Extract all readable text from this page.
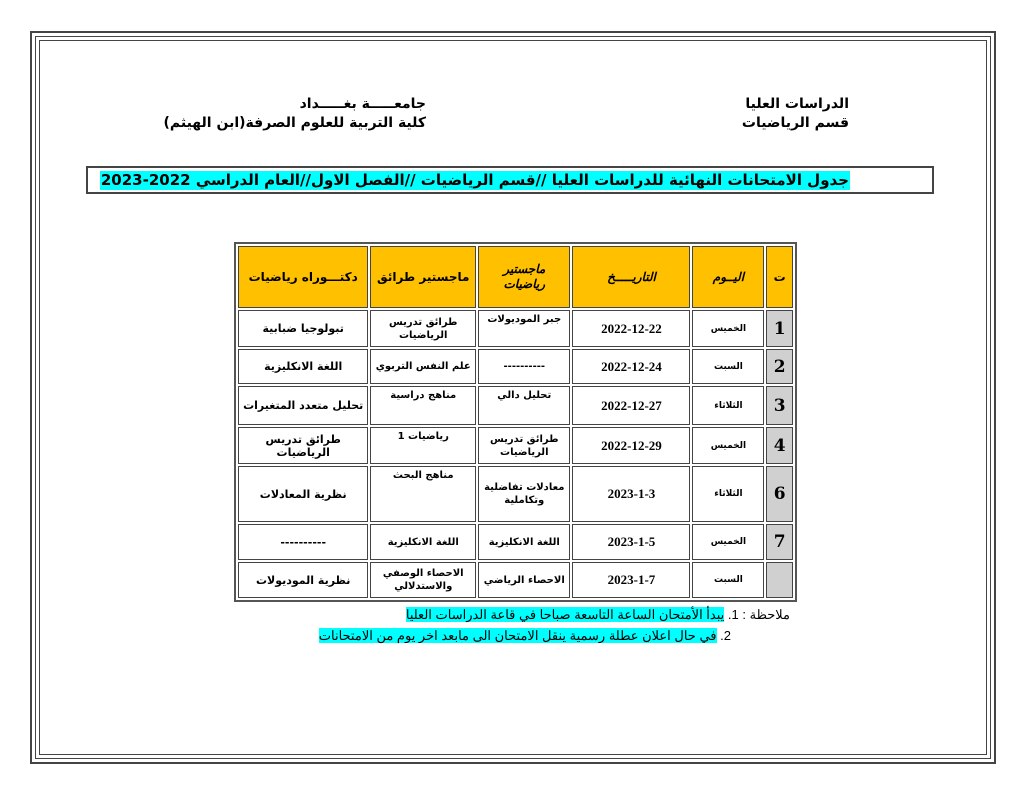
الدراسات العليا
قسم الرياضيات
جامعـــــة بغـــــداد
كلية التربية للعلوم الصرفة(ابن الهيثم)
جدول الامتحانات النهائية للدراسات العليا //قسم الرياضيات //الفصل الاول//العام الدراسي 2022-2023
ت	اليــوم	التاريـــــخ	ماجستير رياضيات	ماجستير طرائق	دكتـــوراه رياضيات
1	الخميس	2022-12-22	جبر الموديولات	طرائق تدريس الرياضيات	تبولوجيا ضبابية
2	السبت	2022-12-24	----------	علم النفس التربوي	اللغة الانكليزية
3	الثلاثاء	2022-12-27	تحليل دالي	مناهج دراسية	تحليل متعدد المتغيرات
4	الخميس	2022-12-29	طرائق تدريس الرياضيات	رياضيات 1	طرائق تدريس الرياضيات
6	الثلاثاء	2023-1-3	معادلات تفاضلية وتكاملية	مناهج البحث	نظرية المعادلات
7	الخميس	2023-1-5	اللغة الانكليزية	اللغة الانكليزية	----------
	السبت	2023-1-7	الاحصاء الرياضي	الاحصاء الوصفي والاستدلالي	نظرية الموديولات
ملاحظة : 1. يبدأ الأمتحان الساعة التاسعة صباحا في قاعة الدراسات العليا
2. في حال اعلان عطلة رسمية ينقل الامتحان الى مابعد اخر يوم من الامتحانات
